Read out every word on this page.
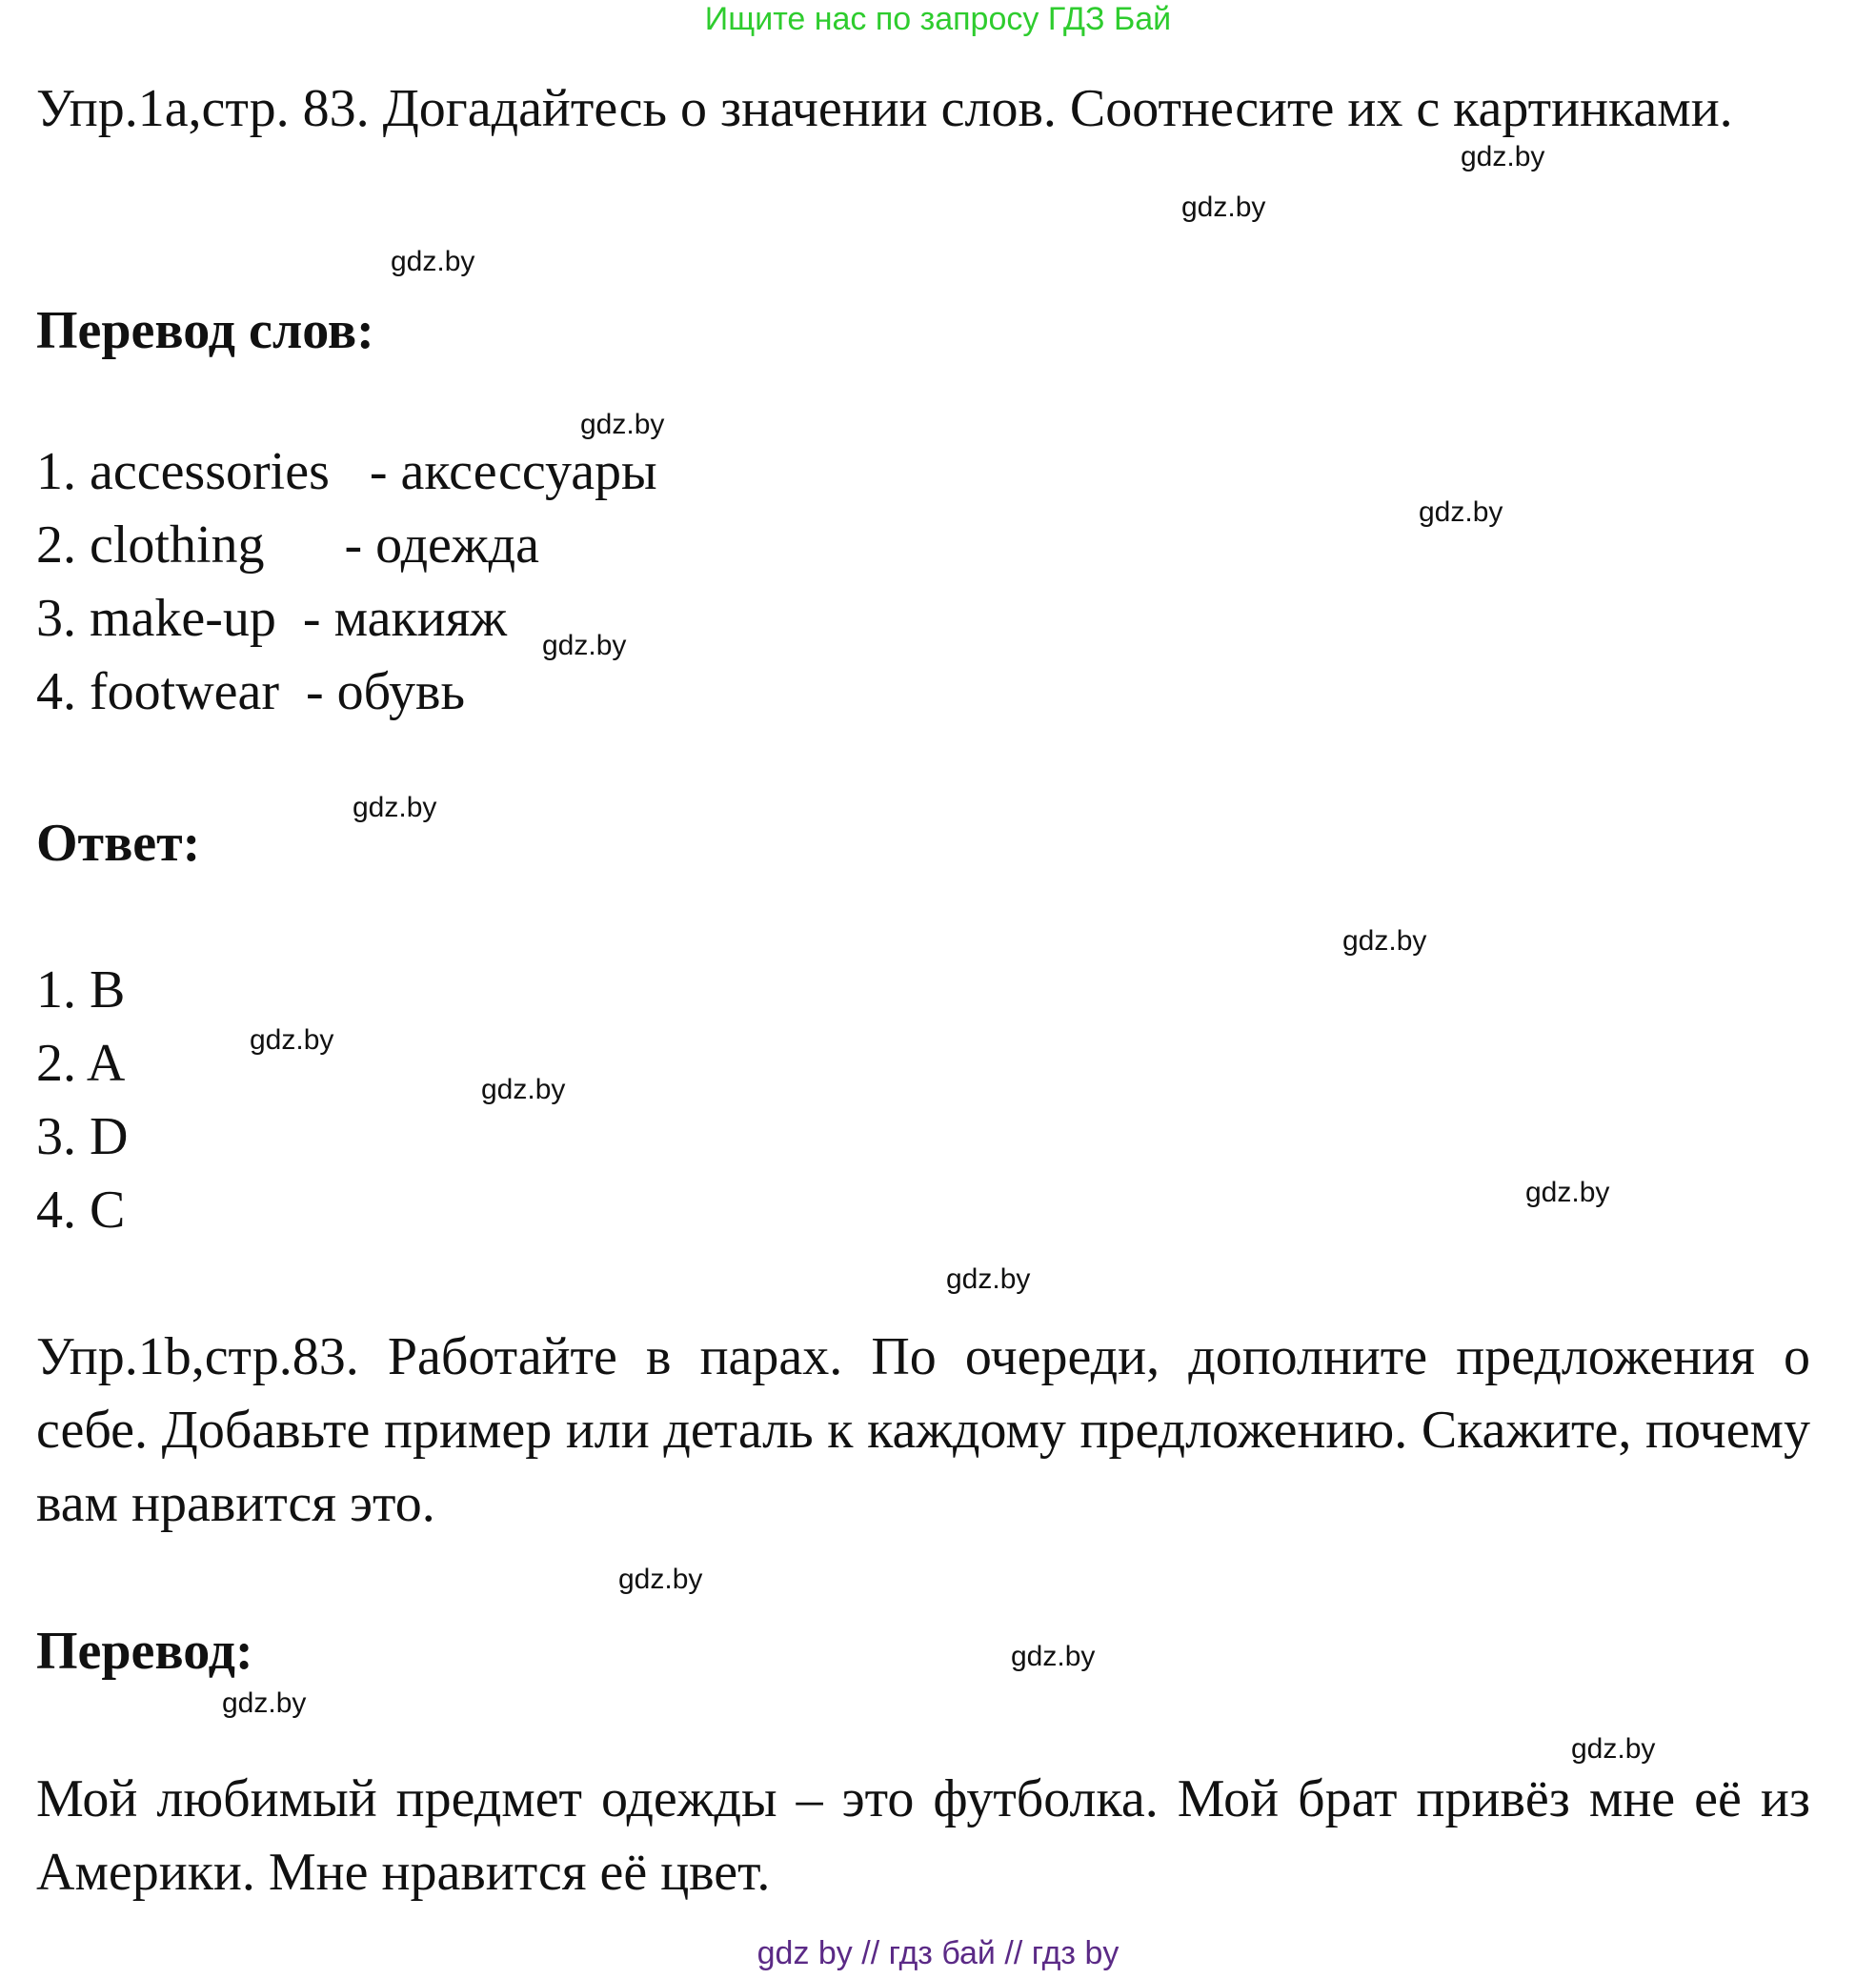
Ищите нас по запросу ГДЗ Бай

Упр.1a,стр. 83. Догадайтесь о значении слов. Соотнесите их с картинками.

Перевод слов:
1. accessories   - аксессуары
2. clothing      - одежда
3. make-up  - макияж
4. footwear  - обувь
Ответ:
1. B
2. A
3. D
4. C

Упр.1b,стр.83. Работайте в парах. По очереди, дополните предложения о себе. Добавьте пример или деталь к каждому предложению. Скажите, почему вам нравится это.

Перевод:

Мой любимый предмет одежды – это футболка. Мой брат привёз мне её из Америки. Мне нравится её цвет.

gdz.by
gdz.by
gdz.by
gdz.by
gdz.by
gdz.by
gdz.by
gdz.by
gdz.by
gdz.by
gdz.by
gdz.by
gdz.by
gdz.by
gdz.by
gdz.by
gdz by // гдз бай // гдз by
